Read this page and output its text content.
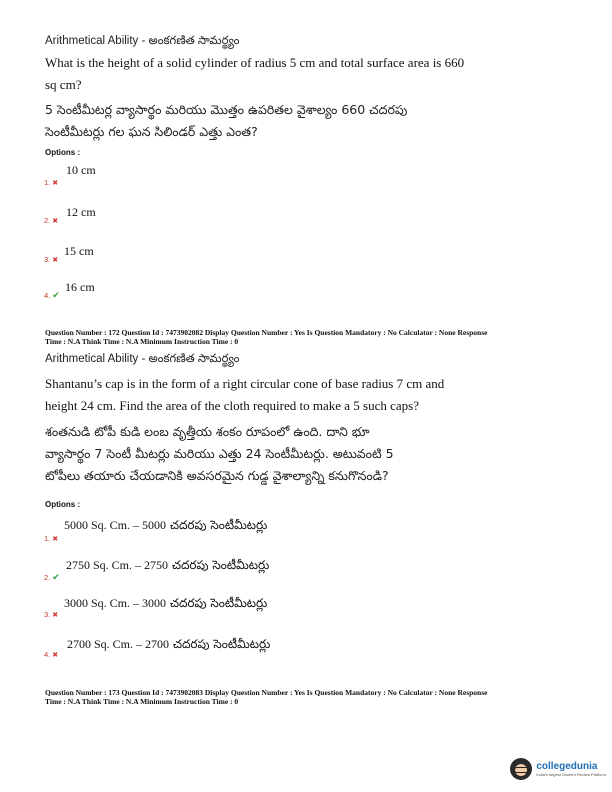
Arithmetical Ability - అంకగణిత సామర్థ్యం
What is the height of a solid cylinder of radius 5 cm and total surface area is 660
sq cm?
5 సెంటీమీటర్ల వ్యాసార్థం మరియు మొత్తం ఉపరితల వైశాల్యం 660 చదరపు
సెంటీమీటర్లు గల ఘన సిలిండర్ ఎత్తు ఎంత?
Options :
1. ✖
10 cm
2. ✖
12 cm
3. ✖
15 cm
4. ✔
16 cm
Question Number : 172 Question Id : 7473902082 Display Question Number : Yes Is Question Mandatory : No Calculator : None Response
Time : N.A Think Time : N.A Minimum Instruction Time : 0
Arithmetical Ability - అంకగణిత సామర్థ్యం
Shantanu’s cap is in the form of a right circular cone of base radius 7 cm and
height 24 cm. Find the area of the cloth required to make a 5 such caps?
శంతనుడి టోపీ కుడి లంబ వృత్తీయ శంకం రూపంలో ఉంది. దాని భూ
వ్యాసార్థం 7 సెంటీ మీటర్లు మరియు ఎత్తు 24 సెంటీమీటర్లు. అటువంటి 5
టోపీలు తయారు చేయడానికి అవసరమైన గుడ్డ వైశాల్యాన్ని కనుగొనండి?
Options :
1. ✖
5000 Sq. Cm. – 5000 చదరపు సెంటీమీటర్లు
2. ✔
2750 Sq. Cm. – 2750 చదరపు సెంటీమీటర్లు
3. ✖
3000 Sq. Cm. – 3000 చదరపు సెంటీమీటర్లు
4. ✖
2700 Sq. Cm. – 2700 చదరపు సెంటీమీటర్లు
Question Number : 173 Question Id : 7473902083 Display Question Number : Yes Is Question Mandatory : No Calculator : None Response
Time : N.A Think Time : N.A Minimum Instruction Time : 0
collegedunia
India's largest Student Review Platform
